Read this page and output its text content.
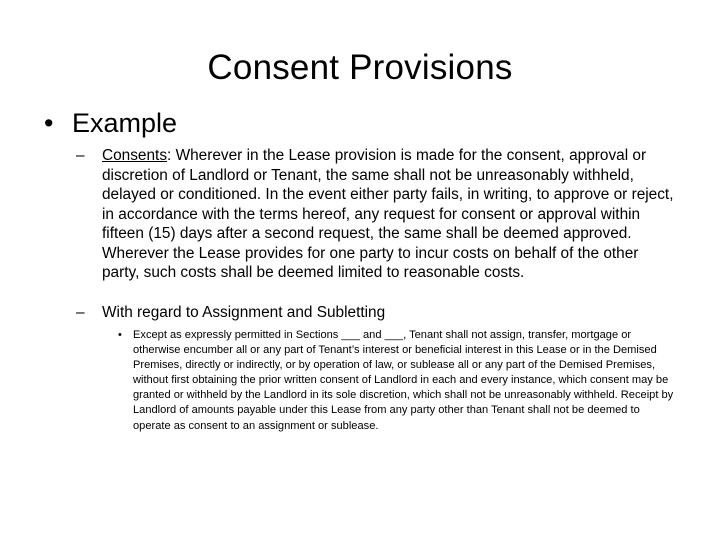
Consent Provisions
• Example
– Consents: Wherever in the Lease provision is made for the consent, approval or discretion of Landlord or Tenant, the same shall not be unreasonably withheld, delayed or conditioned. In the event either party fails, in writing, to approve or reject, in accordance with the terms hereof, any request for consent or approval within fifteen (15) days after a second request, the same shall be deemed approved. Wherever the Lease provides for one party to incur costs on behalf of the other party, such costs shall be deemed limited to reasonable costs.
– With regard to Assignment and Subletting
• Except as expressly permitted in Sections ___ and ___, Tenant shall not assign, transfer, mortgage or otherwise encumber all or any part of Tenant’s interest or beneficial interest in this Lease or in the Demised Premises, directly or indirectly, or by operation of law, or sublease all or any part of the Demised Premises, without first obtaining the prior written consent of Landlord in each and every instance, which consent may be granted or withheld by the Landlord in its sole discretion, which shall not be unreasonably withheld. Receipt by Landlord of amounts payable under this Lease from any party other than Tenant shall not be deemed to operate as consent to an assignment or sublease.
